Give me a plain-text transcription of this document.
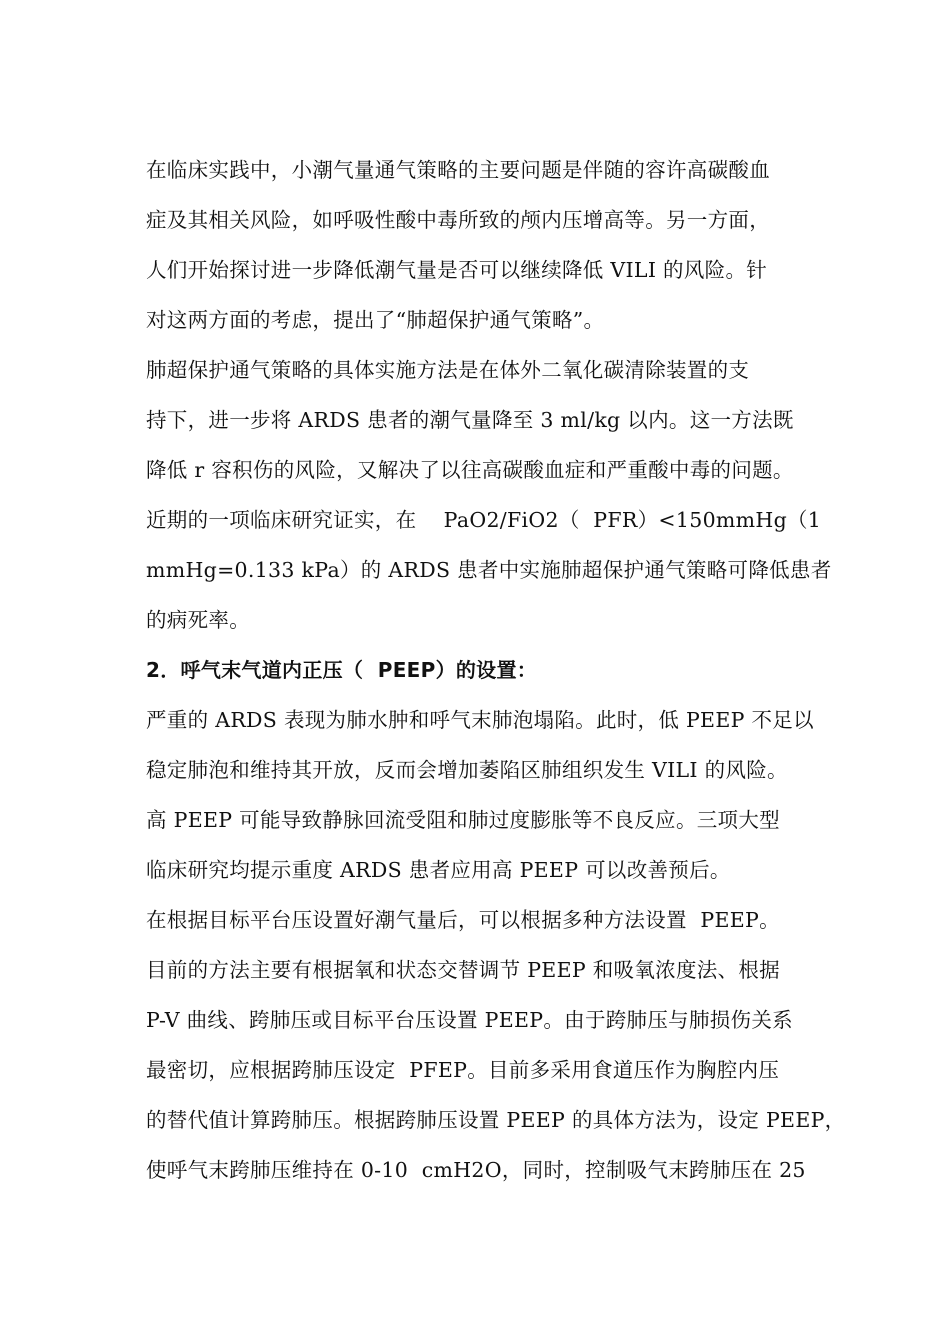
在临床实践中，小潮气量通气策略的主要问题是伴随的容许高碳酸血
症及其相关风险，如呼吸性酸中毒所致的颅内压增高等。另一方面，
人们开始探讨进一步降低潮气量是否可以继续降低 VILI 的风险。针
对这两方面的考虑，提出了“肺超保护通气策略”。
肺超保护通气策略的具体实施方法是在体外二氧化碳清除装置的支
持下，进一步将 ARDS 患者的潮气量降至 3 ml/kg 以内。这一方法既
降低 r 容积伤的风险，又解决了以往高碳酸血症和严重酸中毒的问题。
近期的一项临床研究证实，在    PaO2/FiO2（  PFR）<150mmHg（1
mmHg=0.133 kPa）的 ARDS 患者中实施肺超保护通气策略可降低患者
的病死率。
2．呼气末气道内正压（  PEEP）的设置：
严重的 ARDS 表现为肺水肿和呼气末肺泡塌陷。此时，低 PEEP 不足以
稳定肺泡和维持其开放，反而会增加萎陷区肺组织发生 VILI 的风险。
高 PEEP 可能导致静脉回流受阻和肺过度膨胀等不良反应。三项大型
临床研究均提示重度 ARDS 患者应用高 PEEP 可以改善预后。
在根据目标平台压设置好潮气量后，可以根据多种方法设置  PEEP。
目前的方法主要有根据氧和状态交替调节 PEEP 和吸氧浓度法、根据
P-V 曲线、跨肺压或目标平台压设置 PEEP。由于跨肺压与肺损伤关系
最密切，应根据跨肺压设定  PFEP。目前多采用食道压作为胸腔内压
的替代值计算跨肺压。根据跨肺压设置 PEEP 的具体方法为，设定 PEEP，
使呼气末跨肺压维持在 0-10  cmH2O，同时，控制吸气末跨肺压在 25
